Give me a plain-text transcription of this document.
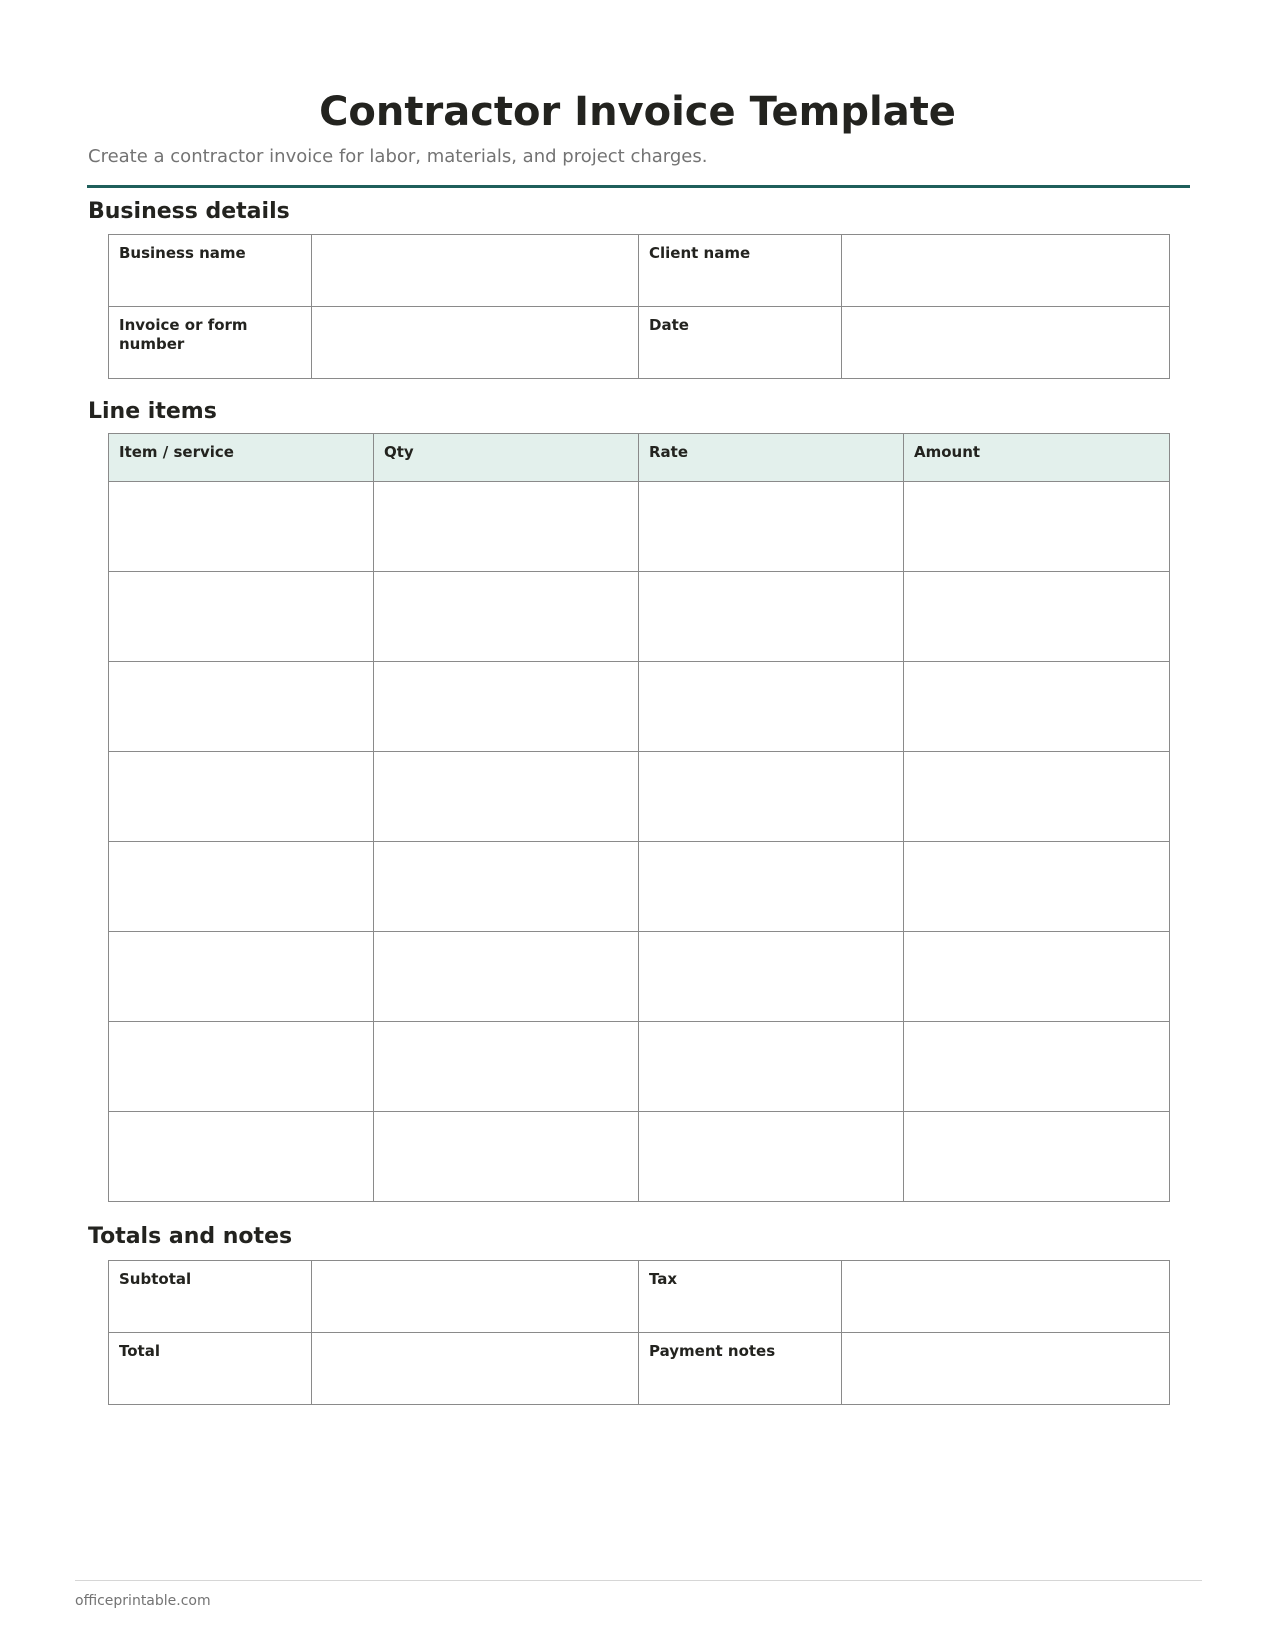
Contractor Invoice Template
Create a contractor invoice for labor, materials, and project charges.
Business details
Business name		Client name	
Invoice or form number		Date	
Line items
Item / service	Qty	Rate	Amount

Totals and notes
Subtotal		Tax	
Total		Payment notes	
officeprintable.com
